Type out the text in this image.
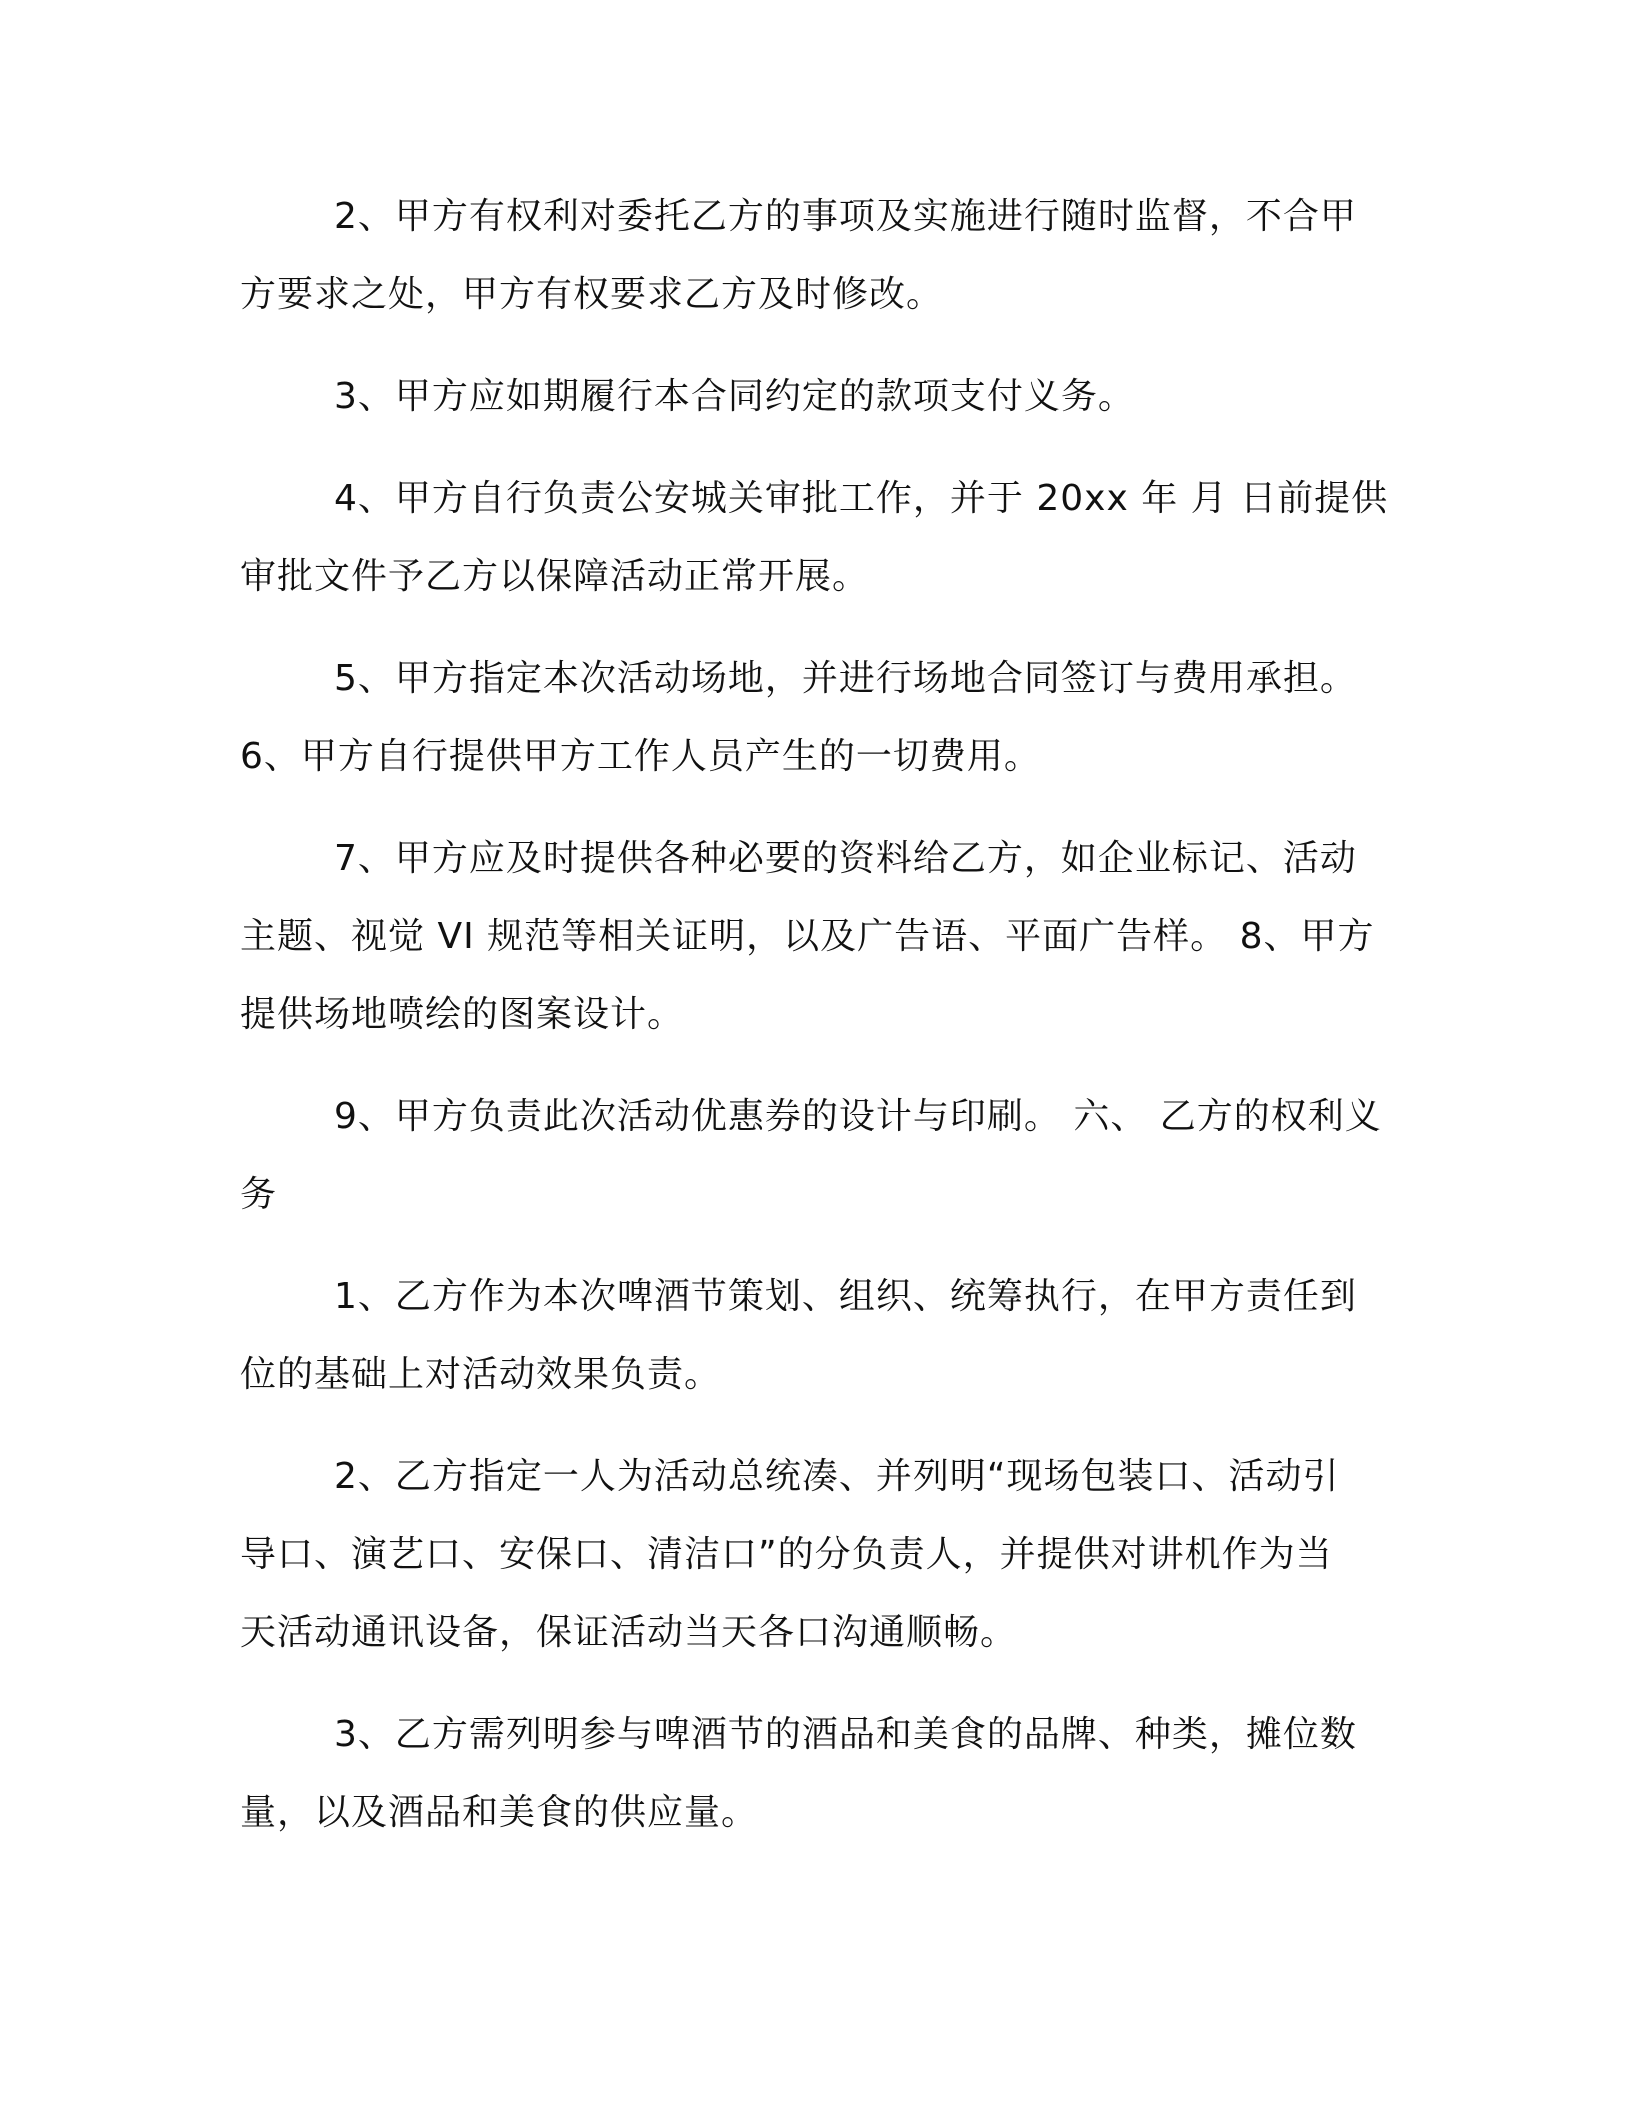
2、甲方有权利对委托乙方的事项及实施进行随时监督，不合甲
方要求之处，甲方有权要求乙方及时修改。
3、甲方应如期履行本合同约定的款项支付义务。
4、甲方自行负责公安城关审批工作，并于 20xx 年 月 日前提供
审批文件予乙方以保障活动正常开展。
5、甲方指定本次活动场地，并进行场地合同签订与费用承担。
6、甲方自行提供甲方工作人员产生的一切费用。
7、甲方应及时提供各种必要的资料给乙方，如企业标记、活动
主题、视觉 VI 规范等相关证明，以及广告语、平面广告样。 8、甲方
提供场地喷绘的图案设计。
9、甲方负责此次活动优惠券的设计与印刷。 六、 乙方的权利义
务
1、乙方作为本次啤酒节策划、组织、统筹执行，在甲方责任到
位的基础上对活动效果负责。
2、乙方指定一人为活动总统凑、并列明“现场包装口、活动引
导口、演艺口、安保口、清洁口”的分负责人，并提供对讲机作为当
天活动通讯设备，保证活动当天各口沟通顺畅。
3、乙方需列明参与啤酒节的酒品和美食的品牌、种类，摊位数
量，以及酒品和美食的供应量。
